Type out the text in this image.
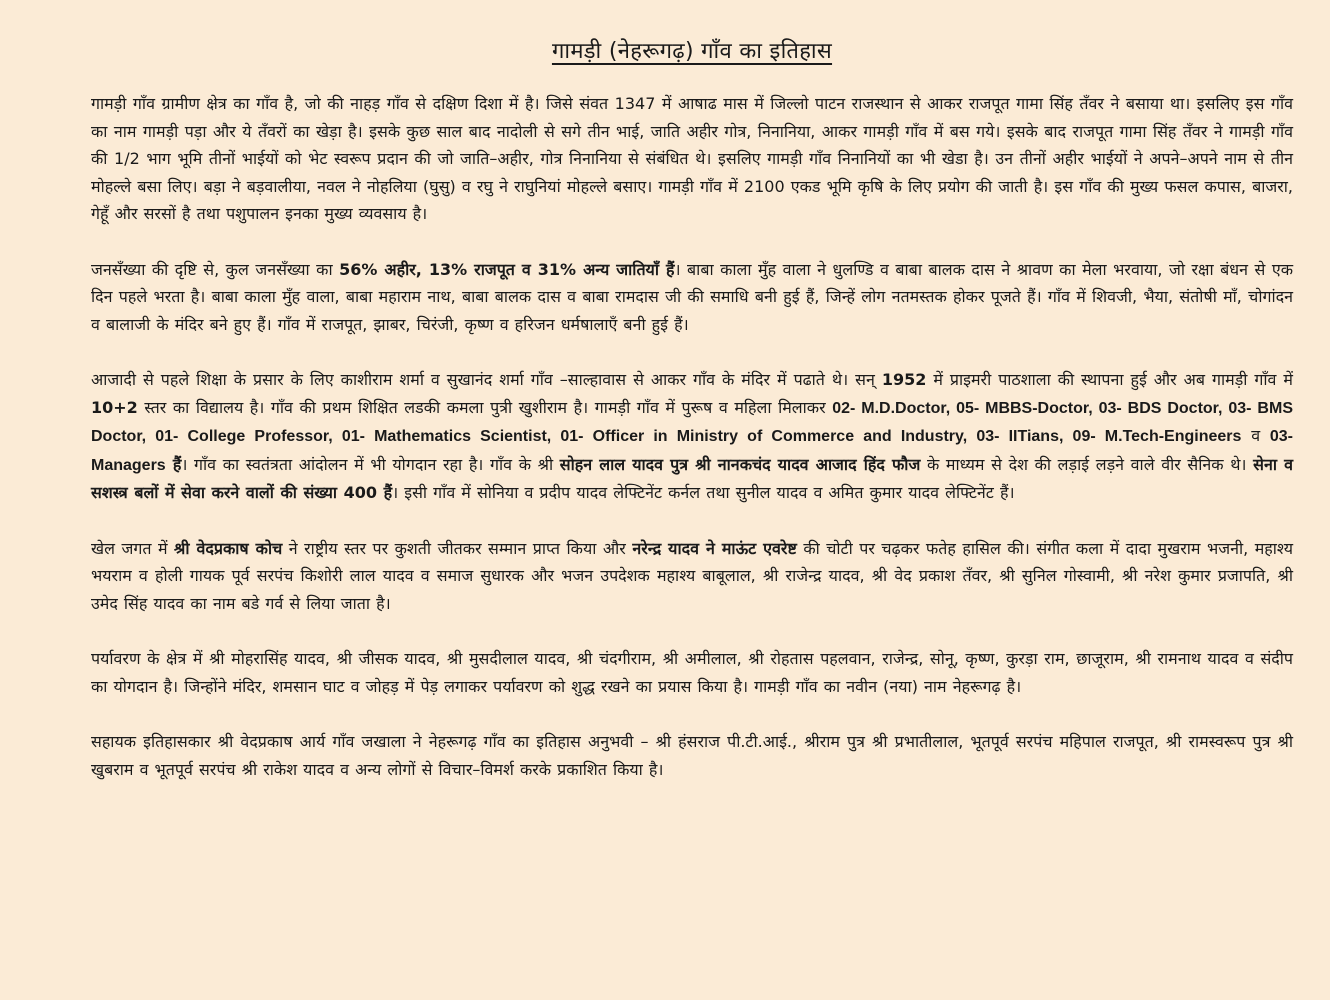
गामड़ी (नेहरूगढ़) गाँव का इतिहास

गामड़ी गाँव ग्रामीण क्षेत्र का गाँव है, जो की नाहड़ गाँव से दक्षिण दिशा में है। जिसे संवत 1347 में आषाढ मास में जिल्लो पाटन राजस्थान से आकर राजपूत गामा सिंह तँवर ने बसाया था। इसलिए इस गाँव का नाम गामड़ी पड़ा और ये तँवरों का खेड़ा है। इसके कुछ साल बाद नादोली से सगे तीन भाई, जाति अहीर गोत्र, निनानिया, आकर गामड़ी गाँव में बस गये। इसके बाद राजपूत गामा सिंह तँवर ने गामड़ी गाँव की 1/2 भाग भूमि तीनों भाईयों को भेट स्वरूप प्रदान की जो जाति–अहीर, गोत्र निनानिया से संबंधित थे। इसलिए गामड़ी गाँव निनानियों का भी खेडा है। उन तीनों अहीर भाईयों ने अपने–अपने नाम से तीन मोहल्ले बसा लिए। बड़ा ने बड़वालीया, नवल ने नोहलिया (घुसु) व रघु ने राघुनियां मोहल्ले बसाए। गामड़ी गाँव में 2100 एकड भूमि कृषि के लिए प्रयोग की जाती है। इस गाँव की मुख्य फसल कपास, बाजरा, गेहूँ और सरसों है तथा पशुपालन इनका मुख्य व्यवसाय है।

जनसँख्या की दृष्टि से, कुल जनसँख्या का 56% अहीर, 13% राजपूत व 31% अन्य जातियाँ हैं। बाबा काला मुँह वाला ने धुलण्डि व बाबा बालक दास ने श्रावण का मेला भरवाया, जो रक्षा बंधन से एक दिन पहले भरता है। बाबा काला मुँह वाला, बाबा महाराम नाथ, बाबा बालक दास व बाबा रामदास जी की समाधि बनी हुई हैं, जिन्हें लोग नतमस्तक होकर पूजते हैं। गाँव में शिवजी, भैया, संतोषी माँ, चोगांदन व बालाजी के मंदिर बने हुए हैं। गाँव में राजपूत, झाबर, चिरंजी, कृष्ण व हरिजन धर्मषालाएँ बनी हुई हैं।

आजादी से पहले शिक्षा के प्रसार के लिए काशीराम शर्मा व सुखानंद शर्मा गाँव –साल्हावास से आकर गाँव के मंदिर में पढाते थे। सन् 1952 में प्राइमरी पाठशाला की स्थापना हुई और अब गामड़ी गाँव में 10+2 स्तर का विद्यालय है। गाँव की प्रथम शिक्षित लडकी कमला पुत्री खुशीराम है। गामड़ी गाँव में पुरूष व महिला मिलाकर 02- M.D.Doctor, 05- MBBS-Doctor, 03- BDS Doctor, 03- BMS Doctor, 01- College Professor, 01- Mathematics Scientist, 01- Officer in Ministry of Commerce and Industry, 03- IITians, 09- M.Tech-Engineers व 03- Managers हैं। गाँव का स्वतंत्रता आंदोलन में भी योगदान रहा है। गाँव के श्री सोहन लाल यादव पुत्र श्री नानकचंद यादव आजाद हिंद फौज के माध्यम से देश की लड़ाई लड़ने वाले वीर सैनिक थे। सेना व सशस्त्र बलों में सेवा करने वालों की संख्या 400 हैं। इसी गाँव में सोनिया व प्रदीप यादव लेफ्टिनेंट कर्नल तथा सुनील यादव व अमित कुमार यादव लेफ्टिनेंट हैं।

खेल जगत में श्री वेदप्रकाष कोच ने राष्ट्रीय स्तर पर कुशती जीतकर सम्मान प्राप्त किया और नरेन्द्र यादव ने माऊंट एवरेष्ट की चोटी पर चढ़कर फतेह हासिल की। संगीत कला में दादा मुखराम भजनी, महाश्य भयराम व होली गायक पूर्व सरपंच किशोरी लाल यादव व समाज सुधारक और भजन उपदेशक महाश्य बाबूलाल, श्री राजेन्द्र यादव, श्री वेद प्रकाश तँवर, श्री सुनिल गोस्वामी, श्री नरेश कुमार प्रजापति, श्री उमेद सिंह यादव का नाम बडे गर्व से लिया जाता है।

पर्यावरण के क्षेत्र में श्री मोहरासिंह यादव, श्री जीसक यादव, श्री मुसदीलाल यादव, श्री चंदगीराम, श्री अमीलाल, श्री रोहतास पहलवान, राजेन्द्र, सोनू, कृष्ण, कुरड़ा राम, छाजूराम, श्री रामनाथ यादव व संदीप का योगदान है। जिन्होंने मंदिर, शमसान घाट व जोहड़ में पेड़ लगाकर पर्यावरण को शुद्ध रखने का प्रयास किया है। गामड़ी गाँव का नवीन (नया) नाम नेहरूगढ़ है।

सहायक इतिहासकार श्री वेदप्रकाष आर्य गाँव जखाला ने नेहरूगढ़ गाँव का इतिहास अनुभवी – श्री हंसराज पी.टी.आई., श्रीराम पुत्र श्री प्रभातीलाल, भूतपूर्व सरपंच महिपाल राजपूत, श्री रामस्वरूप पुत्र श्री खुबराम व भूतपूर्व सरपंच श्री राकेश यादव व अन्य लोगों से विचार–विमर्श करके प्रकाशित किया है।
